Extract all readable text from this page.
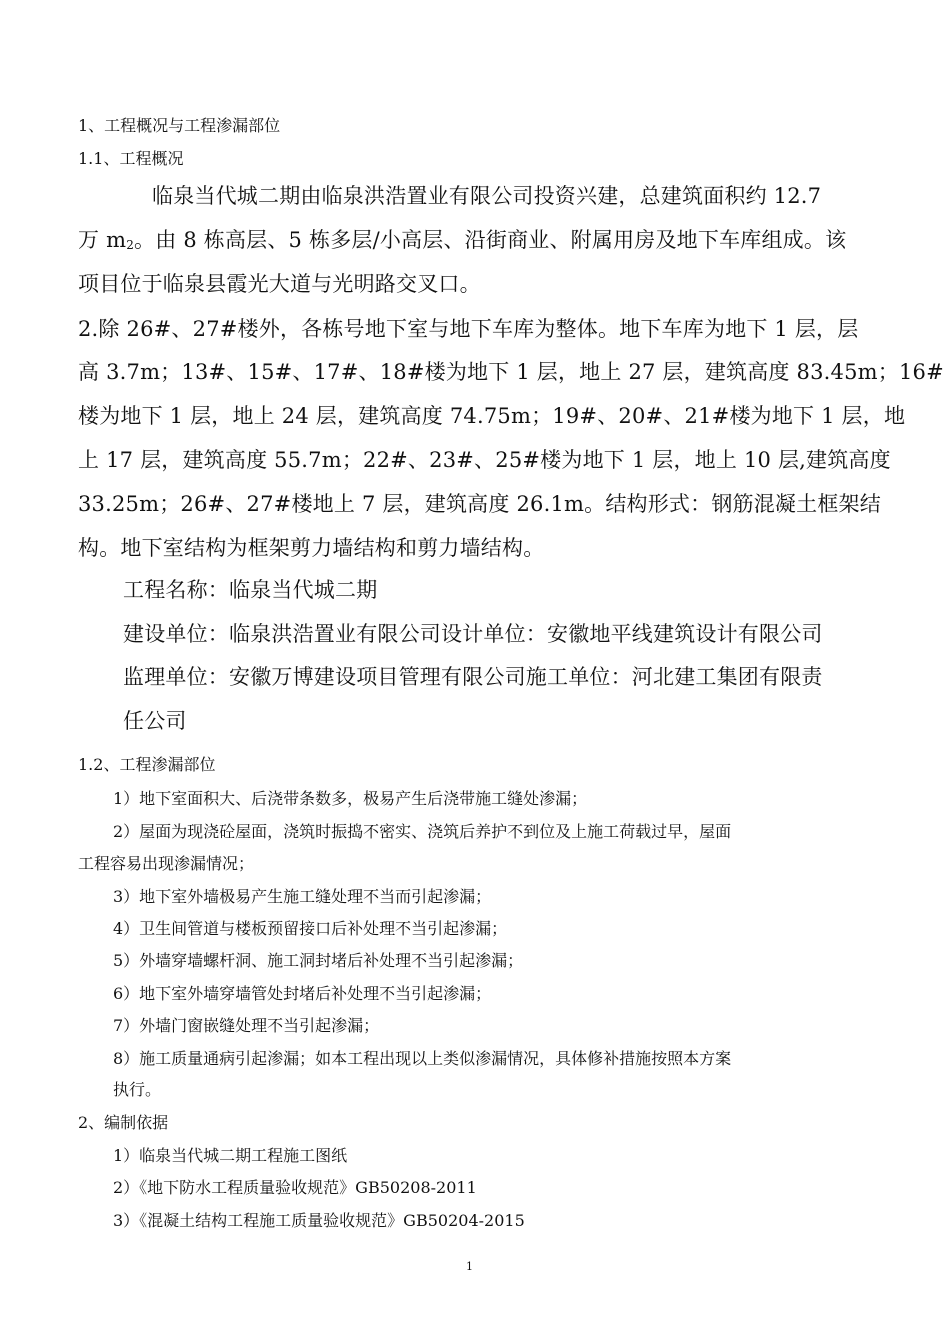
1、工程概况与工程渗漏部位
1.1、工程概况
临泉当代城二期由临泉洪浩置业有限公司投资兴建，总建筑面积约 12.7
万 $m_2$。由 8 栋高层、5 栋多层/小高层、沿街商业、附属用房及地下车库组成。该
项目位于临泉县霞光大道与光明路交叉口。
2.除 26#、27#楼外，各栋号地下室与地下车库为整体。地下车库为地下 1 层，层
高 3.7m；13#、15#、17#、18#楼为地下 1 层，地上 27 层，建筑高度 83.45m；16#
楼为地下 1 层，地上 24 层，建筑高度 74.75m；19#、20#、21#楼为地下 1 层，地
上 17 层，建筑高度 55.7m；22#、23#、25#楼为地下 1 层，地上 10 层,建筑高度
33.25m；26#、27#楼地上 7 层，建筑高度 26.1m。结构形式：钢筋混凝土框架结
构。地下室结构为框架剪力墙结构和剪力墙结构。
工程名称：临泉当代城二期
建设单位：临泉洪浩置业有限公司设计单位：安徽地平线建筑设计有限公司
监理单位：安徽万博建设项目管理有限公司施工单位：河北建工集团有限责
任公司
1.2、工程渗漏部位
1）地下室面积大、后浇带条数多，极易产生后浇带施工缝处渗漏；
2）屋面为现浇砼屋面，浇筑时振捣不密实、浇筑后养护不到位及上施工荷载过早，屋面
工程容易出现渗漏情况；
3）地下室外墙极易产生施工缝处理不当而引起渗漏；
4）卫生间管道与楼板预留接口后补处理不当引起渗漏；
5）外墙穿墙螺杆洞、施工洞封堵后补处理不当引起渗漏；
6）地下室外墙穿墙管处封堵后补处理不当引起渗漏；
7）外墙门窗嵌缝处理不当引起渗漏；
8）施工质量通病引起渗漏；如本工程出现以上类似渗漏情况，具体修补措施按照本方案
执行。
2、编制依据
1）临泉当代城二期工程施工图纸
2）《地下防水工程质量验收规范》GB50208-2011
3）《混凝土结构工程施工质量验收规范》GB50204-2015
1
